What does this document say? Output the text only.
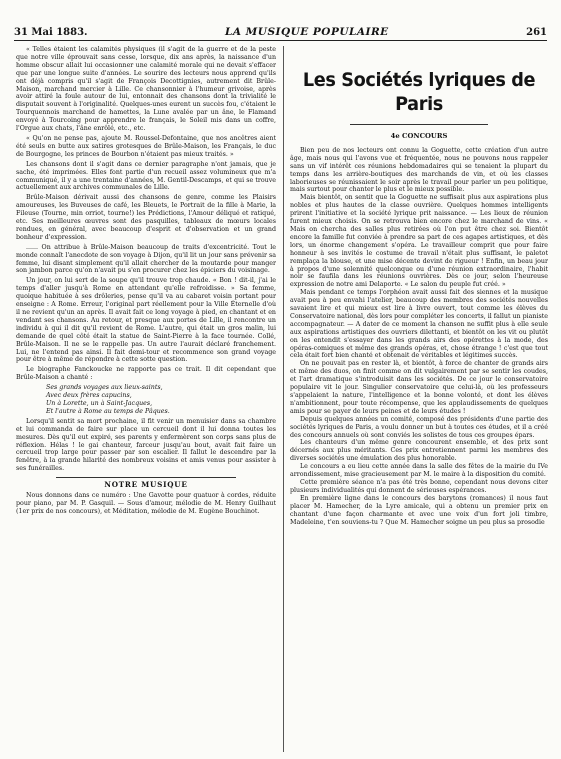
31 Mai 1883.	LA MUSIQUE POPULAIRE	261

« Telles étaient les calamités physiques (il s'agit de la guerre et de la peste que notre ville éprouvait sans cesse, lorsque, dix ans après, la naissance d'un homme obscur allait lui occasionner une calamité morale qui ne devait s'effacer que par une longue suite d'années. Le sourire des lecteurs nous apprend qu'ils ont déjà compris qu'il s'agit de François Decottignies, autrement dit Brûle-Maison, marchand mercier à Lille. Ce chansonnier à l'humeur grivoise, après avoir attiré la foule autour de lui, entonnait des chansons dont la trivialité le disputait souvent à l'originalité. Quelques-unes eurent un succès fou, c'étaient le Tourquennois marchand de hamettes, la Lune avalée par un âne, le Flamand envoyé à Tourcoing pour apprendre le français, le Soleil mis dans un coffre, l'Orgue aux chats, l'âne enrôlé, etc., etc.

« Qu'on ne pense pas, ajoute M. Roussel-Defontaine, que nos ancêtres aient été seuls en butte aux satires grotesques de Brûle-Maison, les Français, le duc de Bourgogne, les princes de Bourbon n'étaient pas mieux traités. »

Les chansons dont il s'agit dans ce dernier paragraphe n'ont jamais, que je sache, été imprimées. Elles font partie d'un recueil assez volumineux que m'a communiqué, il y a une trentaine d'années, M. Gentil-Descamps, et qui se trouve actuellement aux archives communales de Lille.

Brûle-Maison dérivait aussi des chansons de genre, comme les Plaisirs amoureuses, les Buveuses de café, les Bleuets, le Portrait de la fille à Marie, la Fileuse (Tourne, min orriot, tourne!) les Prédictions, l'Amour déliqué et ratiqué, etc. Ses meilleures œuvres sont des pasquilles, tableaux de mœurs locales rendues, en général, avec beaucoup d'esprit et d'observation et un grand bonheur d'expression.

...... On attribue à Brûle-Maison beaucoup de traits d'excentricité. Tout le monde connaît l'anecdote de son voyage à Dijon, qu'il lit un jour sans prévenir sa femme, lui disant simplement qu'il allait chercher de la moutarde pour manger son jambon parce qu'on n'avait pu s'en procurer chez les épiciers du voisinage.

Un jour, on lui sert de la soupe qu'il trouve trop chaude. « Bon ! dit-il, j'ai le temps d'aller jusqu'à Rome en attendant qu'elle refroidisse. » Sa femme, quoique habituée à ses drôleries, pense qu'il va au cabaret voisin portant pour enseigne : A Rome. Erreur, l'original part réellement pour la Ville Éternelle d'où il ne revient qu'un an après. Il avait fait ce long voyage à pied, en chantant et en vendant ses chansons. Au retour, et presque aux portes de Lille, il rencontre un individu à qui il dit qu'il revient de Rome. L'autre, qui était un gros malin, lui demande de quel côté était la statue de Saint-Pierre à la face tournée. Collé, Brûle-Maison. Il ne se le rappelle pas. Un autre l'aurait déclaré franchement. Lui, ne l'entend pas ainsi. Il fait demi-tour et recommence son grand voyage pour être à même de répondre à cette sotte question.

Le biographe Fanckoucke ne rapporte pas ce trait. Il dit cependant que Brûle-Maison a chanté :

Ses grands voyages aux lieux-saints,
Avec deux frères capucins,
Un à Lorette, un à Saint-Jacques,
Et l'autre à Rome au temps de Pâques.

Lorsqu'il sentit sa mort prochaine, il fit venir un menuisier dans sa chambre et lui commanda de faire sur place un cercueil dont il lui donna toutes les mesures. Dès qu'il eut expiré, ses parents y enfermèrent son corps sans plus de réflexion. Hélas ! le gai chanteur, farceur jusqu'au bout, avait fait faire un cercueil trop large pour passer par son escalier. Il fallut le descendre par la fenêtre, à la grande hilarité des nombreux voisins et amis venus pour assister à ses funérailles.

NOTRE MUSIQUE

Nous donnons dans ce numéro : Une Gavotte pour quatuor à cordes, réduite pour piano, par M. P. Gasquil. — Sous d'amour, mélodie de M. Henry Guilhaut (1er prix de nos concours), et Méditation, mélodie de M. Eugène Bouchinot.

Les Sociétés lyriques de Paris
4e CONCOURS

Bien peu de nos lecteurs ont connu la Goguette, cette création d'un autre âge, mais nous qui l'avons vue et fréquentée, nous ne pouvons nous rappeler sans un vif intérêt ces réunions hebdomadaires qui se tenaient la plupart du temps dans les arrière-boutiques des marchands de vin, et où les classes laborieuses se réunissaient le soir après le travail pour parler un peu politique, mais surtout pour chanter le plus et le mieux possible.

Mais bientôt, on sentit que la Goguette ne suffisait plus aux aspirations plus nobles et plus hautes de la classe ouvrière. Quelques hommes intelligents prirent l'initiative et la société lyrique prit naissance. — Les lieux de réunion furent mieux choisis. On se retrouva bien encore chez le marchand de vins. « Mais on chercha des salles plus retirées où l'on put être chez soi. Bientôt encore la famille fut conviée à prendre sa part de ces agapes artistiques, et dès lors, un énorme changement s'opéra. Le travailleur comprit que pour faire honneur à ses invités le costume de travail n'était plus suffisant, le paletot remplaça la blouse, et une mise décente devint de rigueur ! Enfin, un beau jour à propos d'une solennité quelconque ou d'une réunion extraordinaire, l'habit noir se faufila dans les réunions ouvrières. Dès ce jour, selon l'heureuse expression de notre ami Delaporte. « Le salon du peuple fut créé. »

Mais pendant ce temps l'orphéon avait aussi fait des siennes et la musique avait peu à peu envahi l'atelier, beaucoup des membres des sociétés nouvelles savaient lire et qui mieux est lire à livre ouvert, tout comme les élèves du Conservatoire national, dès lors pour compléter les concerts, il fallut un pianiste accompagnateur. — A dater de ce moment la chanson ne suffit plus à elle seule aux aspirations artistiques des ouvriers dilettanti, et bientôt on les vit ou plutôt on les entendit s'essayer dans les grands airs des opérettes à la mode, des opéras-comiques et même des grands opéras, et, chose étrange ! c'est que tout cela était fort bien chanté et obtenait de véritables et légitimes succès.

On ne pouvait pas en rester là, et bientôt, à force de chanter de grands airs et même des duos, on finit comme on dit vulgairement par se sentir les coudes, et l'art dramatique s'introduisit dans les sociétés. De ce jour le conservatoire populaire vit le jour. Singulier conservatoire que celui-là, où les professeurs s'appelaient la nature, l'intelligence et la bonne volonté, et dont les élèves n'ambitionnent, pour toute récompense, que les applaudissements de quelques amis pour se payer de leurs peines et de leurs études !

Depuis quelques années un comité, composé des présidents d'une partie des sociétés lyriques de Paris, a voulu donner un but à toutes ces études, et il a créé des concours annuels où sont conviés les solistes de tous ces groupes épars.

Les chanteurs d'un même genre concourent ensemble, et des prix sont décernés aux plus méritants. Ces prix entretiennent parmi les membres des diverses sociétés une émulation des plus honorable.

Le concours a eu lieu cette année dans la salle des fêtes de la mairie du IVe arrondissement, mise gracieusement par M. le maire à la disposition du comité.

Cette première séance n'a pas été très bonne, cependant nous devons citer plusieurs individualités qui donnent de sérieuses espérances.

En première ligne dans le concours des barytons (romances) il nous faut placer M. Hamecher, de la Lyre amicale, qui a obtenu un premier prix en chantant d'une façon charmante et avec une voix d'un fort joli timbre, Madeleine, t'en souviens-tu ? Que M. Hamecher soigne un peu plus sa prosodie
